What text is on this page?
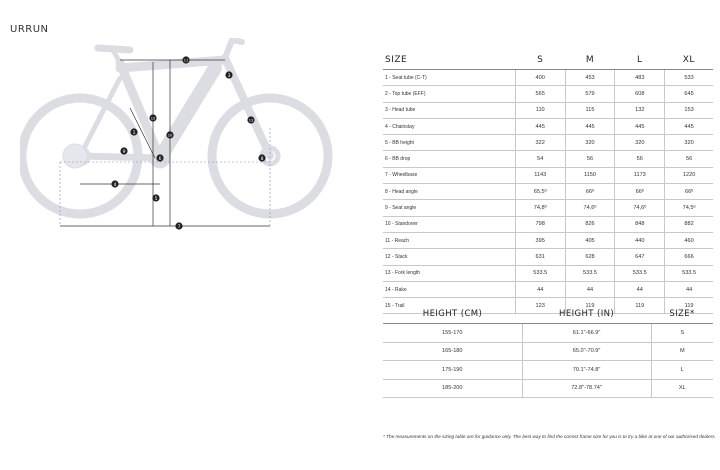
URRUN
1
3
4
5
6
7
8
9
10
11
12	13
SIZE	S	M	L	XL
1 - Seat tube (C-T)	400	453	483	533
2 - Top tube (EFF)	565	579	608	645
3 - Head tube	110	115	132	153
4 - Chainstay	445	445	445	445
5 - BB height	322	320	320	320
6 - BB drop	54	56	56	56
7 - Wheelbase	1143	1150	1173	1220
8 - Head angle	65,5º	66º	66º	66º
9 - Seat angle	74,8º	74,6º	74,6º	74,5º
10 - Standover	798	826	848	882
11 - Reach	395	405	440	460
12 - Stack	631	628	647	666
13 - Fork length	533.5	533.5	533.5	533.5
14 - Rake	44	44	44	44
15 - Trail	123	119	119	119
HEIGHT (CM)	HEIGHT (IN)	SIZE*
155-170	61.1"-66.9"	S
165-180	65.0"-70.9"	M
175-190	70.1"-74.8"	L
185-200	72.8"-78.74"	XL
* The measurements on the sizing table are for guidance only. The best way to find the correct frame size for you is to try a bike at one of our authorised dealers.
